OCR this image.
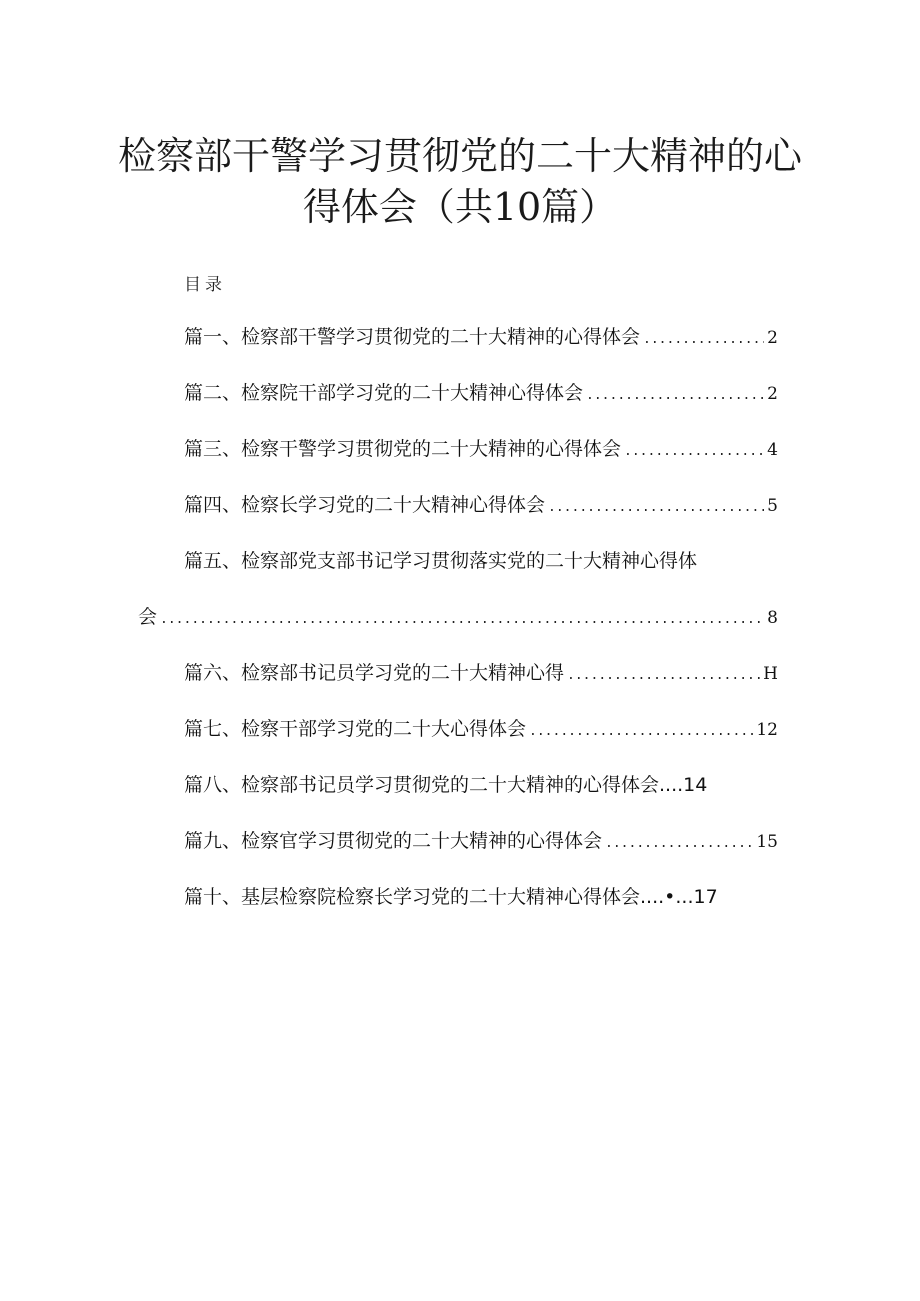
检察部干警学习贯彻党的二十大精神的心
得体会（共10篇）
目录
篇一、检察部干警学习贯彻党的二十大精神的心得体会 .....	2
篇二、检察院干部学习党的二十大精神心得体会 .....	2
篇三、检察干警学习贯彻党的二十大精神的心得体会 .....	4
篇四、检察长学习党的二十大精神心得体会 .....	5
篇五、检察部党支部书记学习贯彻落实党的二十大精神心得体
会 .....	8
篇六、检察部书记员学习党的二十大精神心得 .....	H
篇七、检察干部学习党的二十大心得体会 .....	12
篇八、检察部书记员学习贯彻党的二十大精神的心得体会....14
篇九、检察官学习贯彻党的二十大精神的心得体会 .....	15
篇十、基层检察院检察长学习党的二十大精神心得体会....•...17
